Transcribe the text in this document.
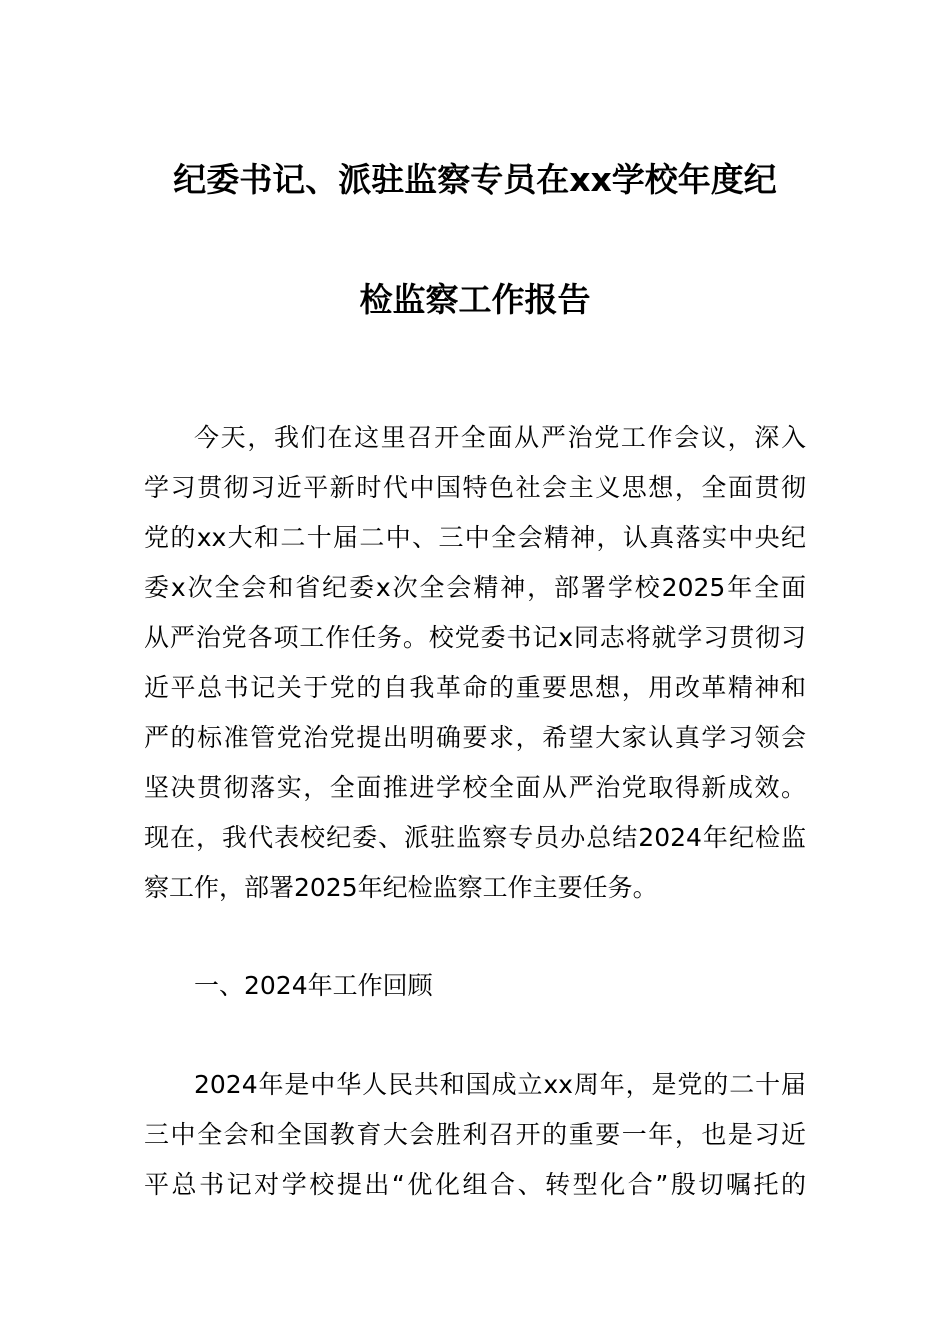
纪委书记、派驻监察专员在xx学校年度纪
检监察工作报告
今天，我们在这里召开全面从严治党工作会议，深入
学习贯彻习近平新时代中国特色社会主义思想，全面贯彻
党的xx大和二十届二中、三中全会精神，认真落实中央纪
委x次全会和省纪委x次全会精神，部署学校2025年全面
从严治党各项工作任务。校党委书记x同志将就学习贯彻习
近平总书记关于党的自我革命的重要思想，用改革精神和
严的标准管党治党提出明确要求，希望大家认真学习领会
坚决贯彻落实，全面推进学校全面从严治党取得新成效。
现在，我代表校纪委、派驻监察专员办总结2024年纪检监
察工作，部署2025年纪检监察工作主要任务。
一、2024年工作回顾
2024年是中华人民共和国成立xx周年，是党的二十届
三中全会和全国教育大会胜利召开的重要一年，也是习近
平总书记对学校提出“优化组合、转型化合”殷切嘱托的
